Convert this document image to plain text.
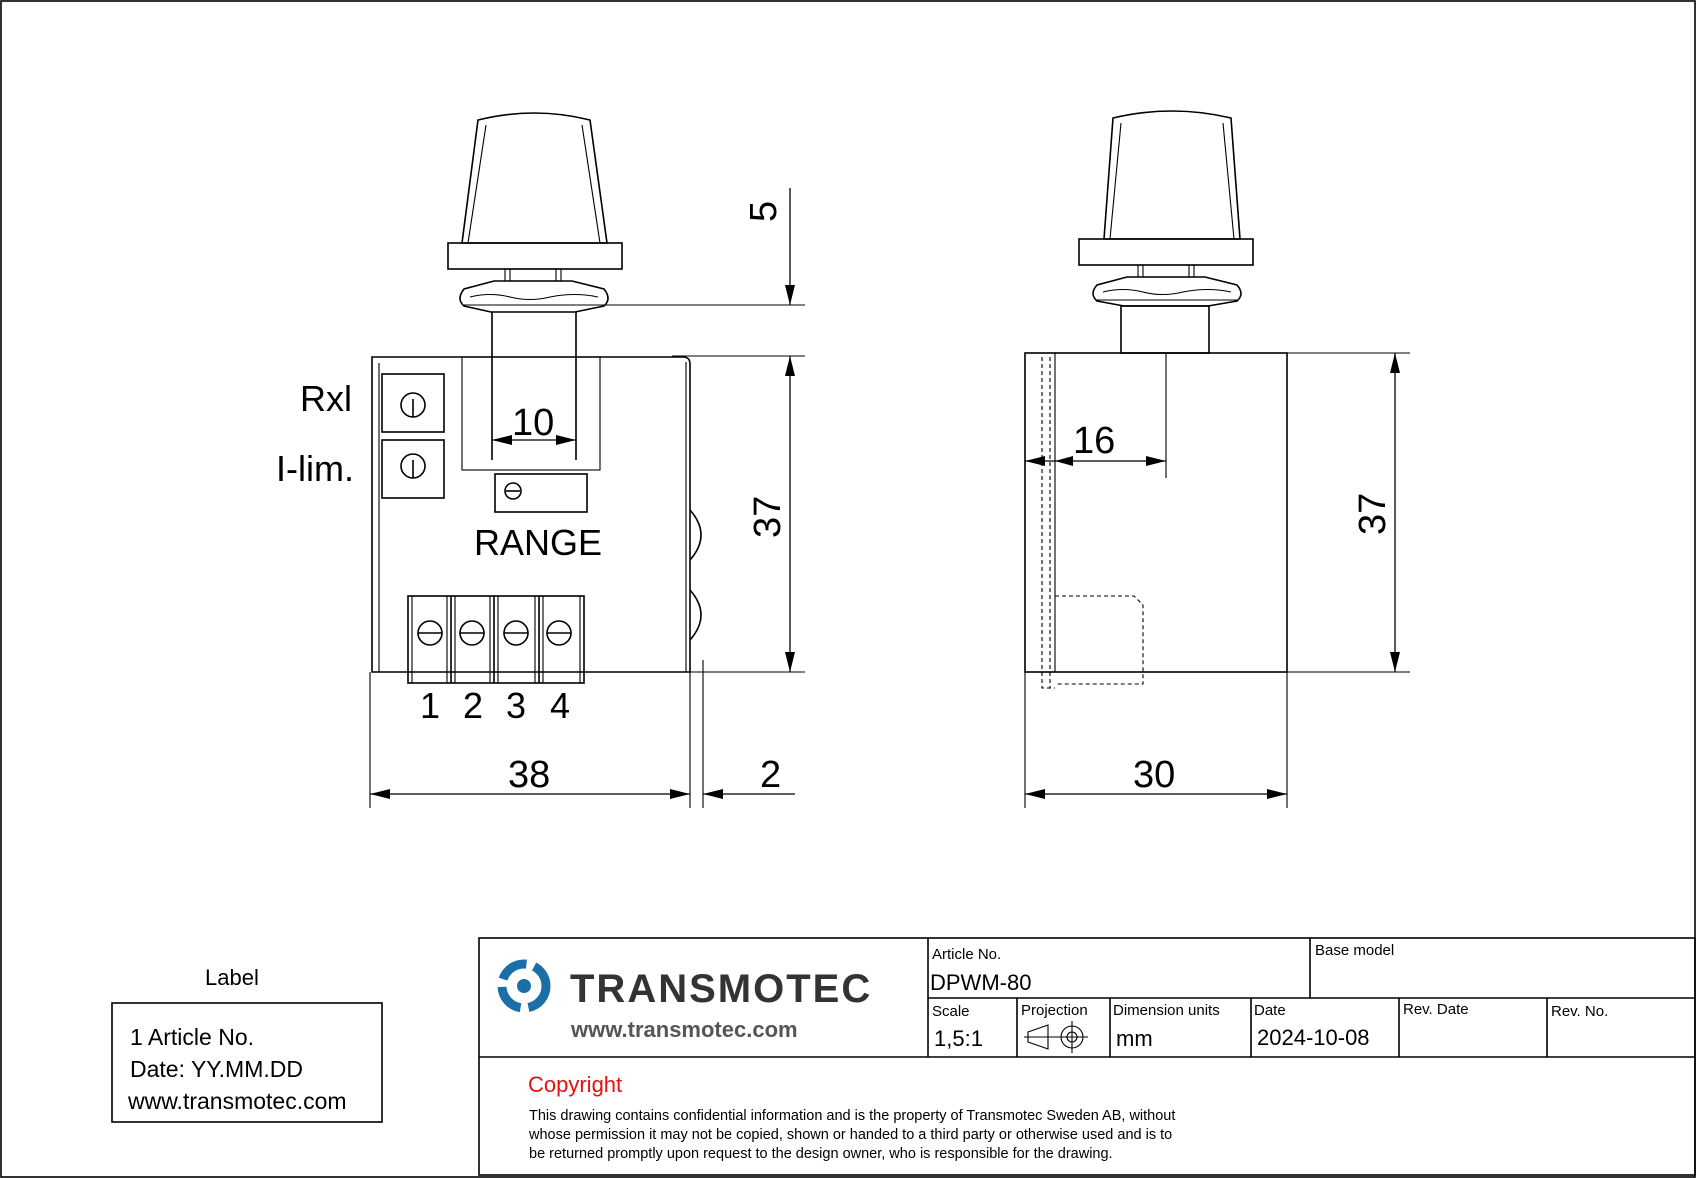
Rxl
I-lim.
RANGE
1 2 3 4
10
5
37
38	2
16
37
30
Label
1 Article No.
Date: YY.MM.DD
www.transmotec.com
TRANSMOTEC
www.transmotec.com
Article No.
DPWM-80
Base model
Scale
1,5:1
Projection Dimension units
mm
Date
2024-10-08
Rev. Date	Rev. No.
Copyright
This drawing contains confidential information and is the property of Transmotec Sweden AB, without
whose permission it may not be copied, shown or handed to a third party or otherwise used and is to
be returned promptly upon request to the design owner, who is responsible for the drawing.
